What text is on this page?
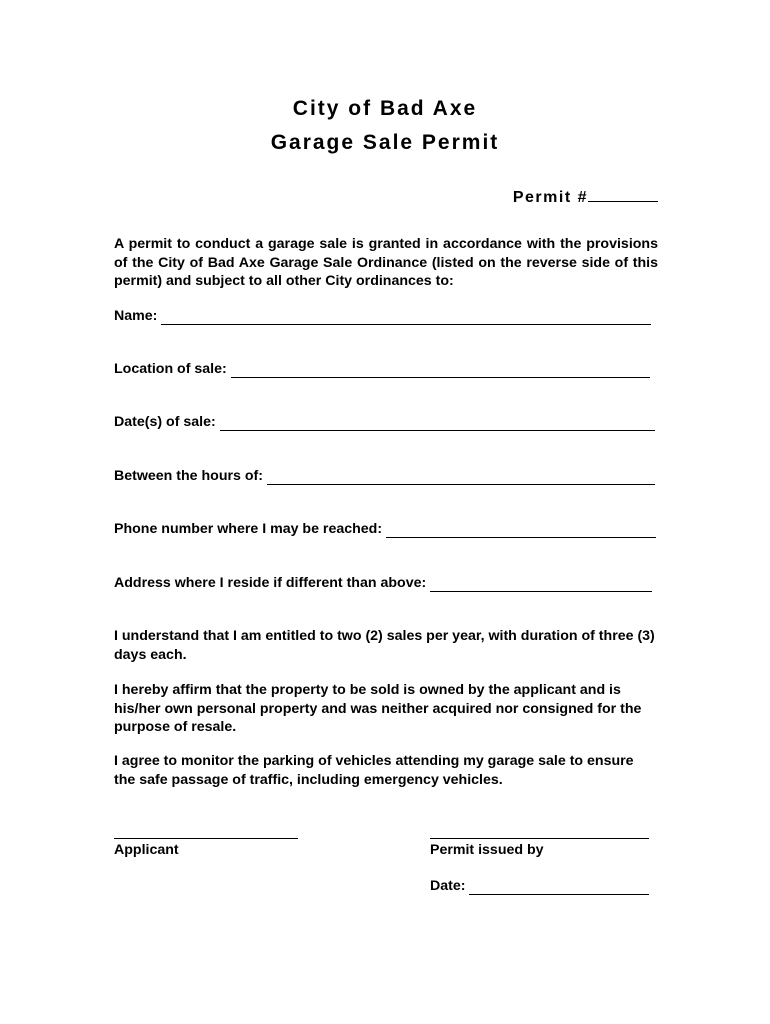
City of Bad Axe
Garage Sale Permit
Permit #
A permit to conduct a garage sale is granted in accordance with the provisions of the City of Bad Axe Garage Sale Ordinance (listed on the reverse side of this permit) and subject to all other City ordinances to:
Name:
Location of sale:
Date(s) of sale:
Between the hours of:
Phone number where I may be reached:
Address where I reside if different than above:
I understand that I am entitled to two (2) sales per year, with duration of three (3) days each.
I hereby affirm that the property to be sold is owned by the applicant and is his/her own personal property and was neither acquired nor consigned for the purpose of resale.
I agree to monitor the parking of vehicles attending my garage sale to ensure the safe passage of traffic, including emergency vehicles.
Applicant	Permit issued by
Date:
